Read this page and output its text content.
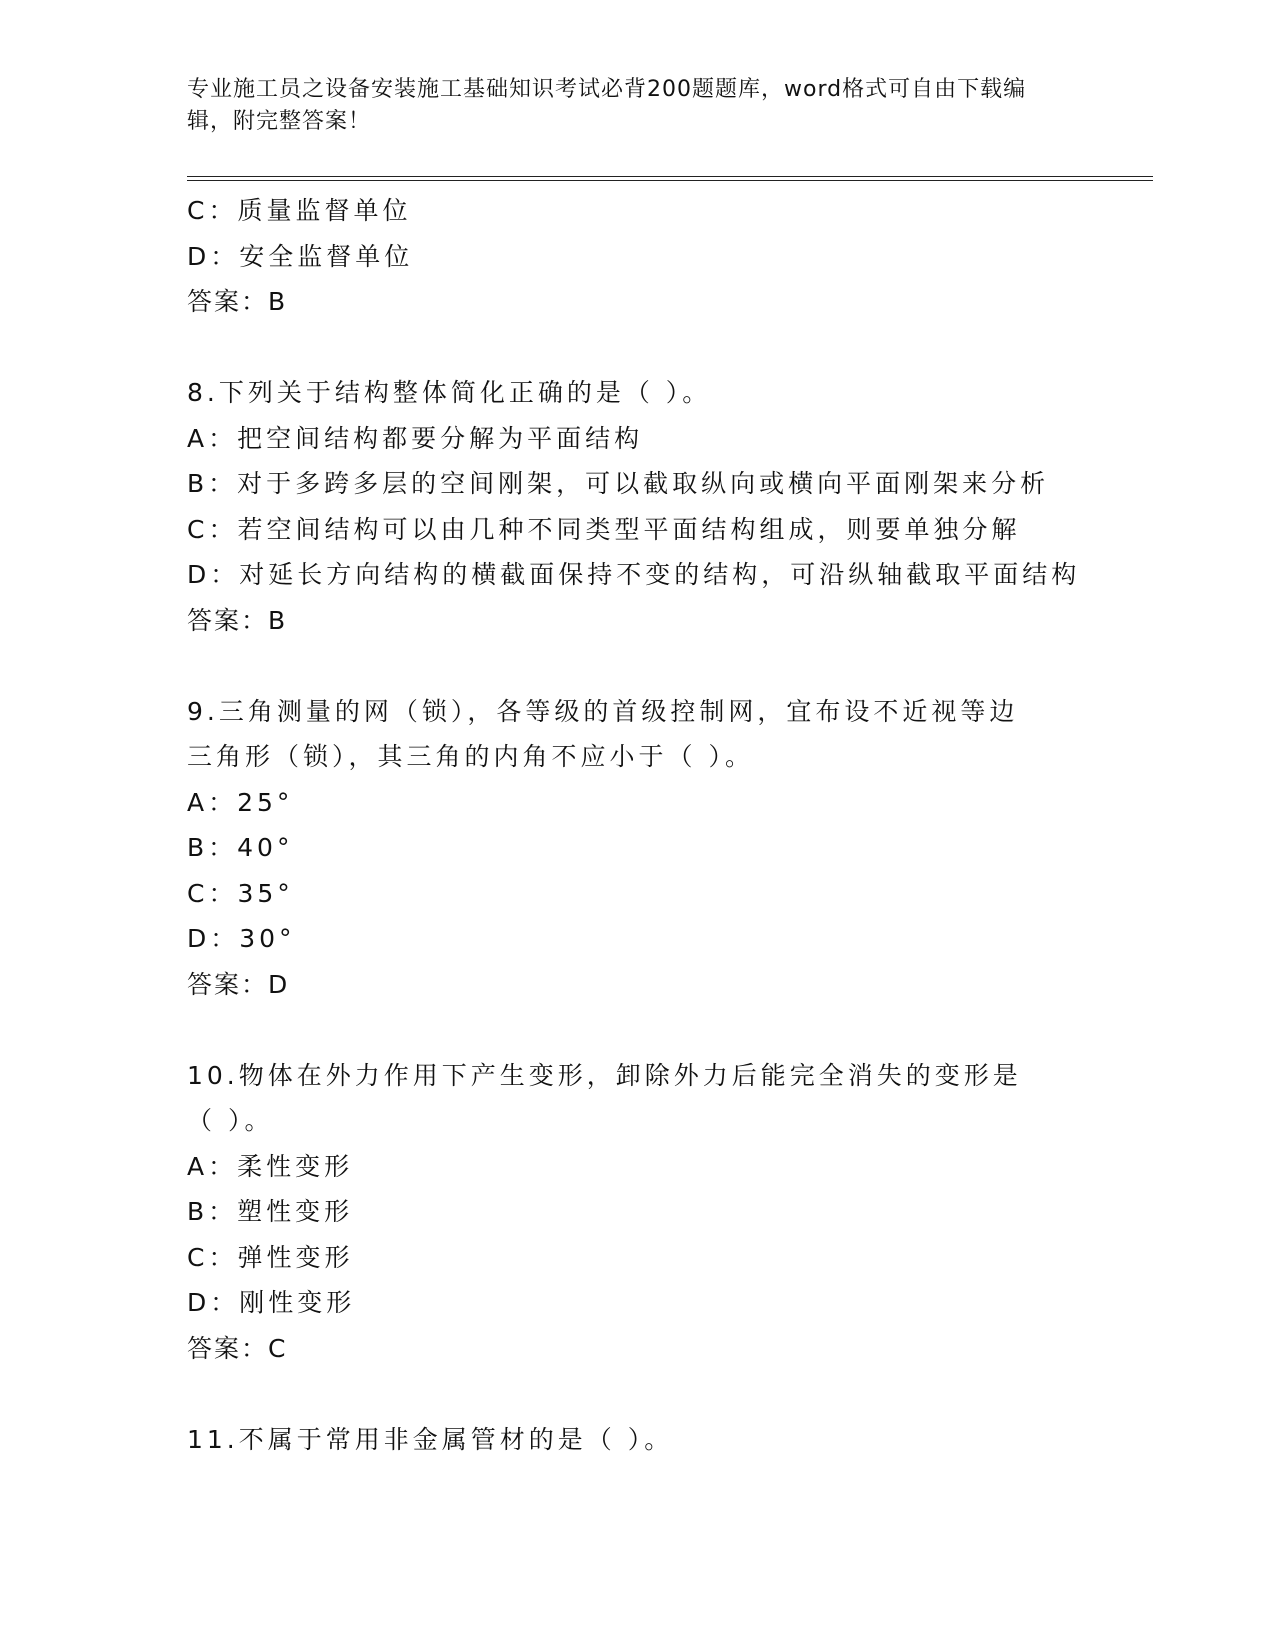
专业施工员之设备安装施工基础知识考试必背200题题库，word格式可自由下载编辑，附完整答案！
C：质量监督单位
D：安全监督单位
答案：B
8.下列关于结构整体简化正确的是（ ）。
A：把空间结构都要分解为平面结构
B：对于多跨多层的空间刚架，可以截取纵向或横向平面刚架来分析
C：若空间结构可以由几种不同类型平面结构组成，则要单独分解
D：对延长方向结构的横截面保持不变的结构，可沿纵轴截取平面结构
答案：B
9.三角测量的网（锁），各等级的首级控制网，宜布设不近视等边三角形（锁），其三角的内角不应小于（ ）。
A：25°
B：40°
C：35°
D：30°
答案：D
10.物体在外力作用下产生变形，卸除外力后能完全消失的变形是（ ）。
A：柔性变形
B：塑性变形
C：弹性变形
D：刚性变形
答案：C
11.不属于常用非金属管材的是（ ）。
